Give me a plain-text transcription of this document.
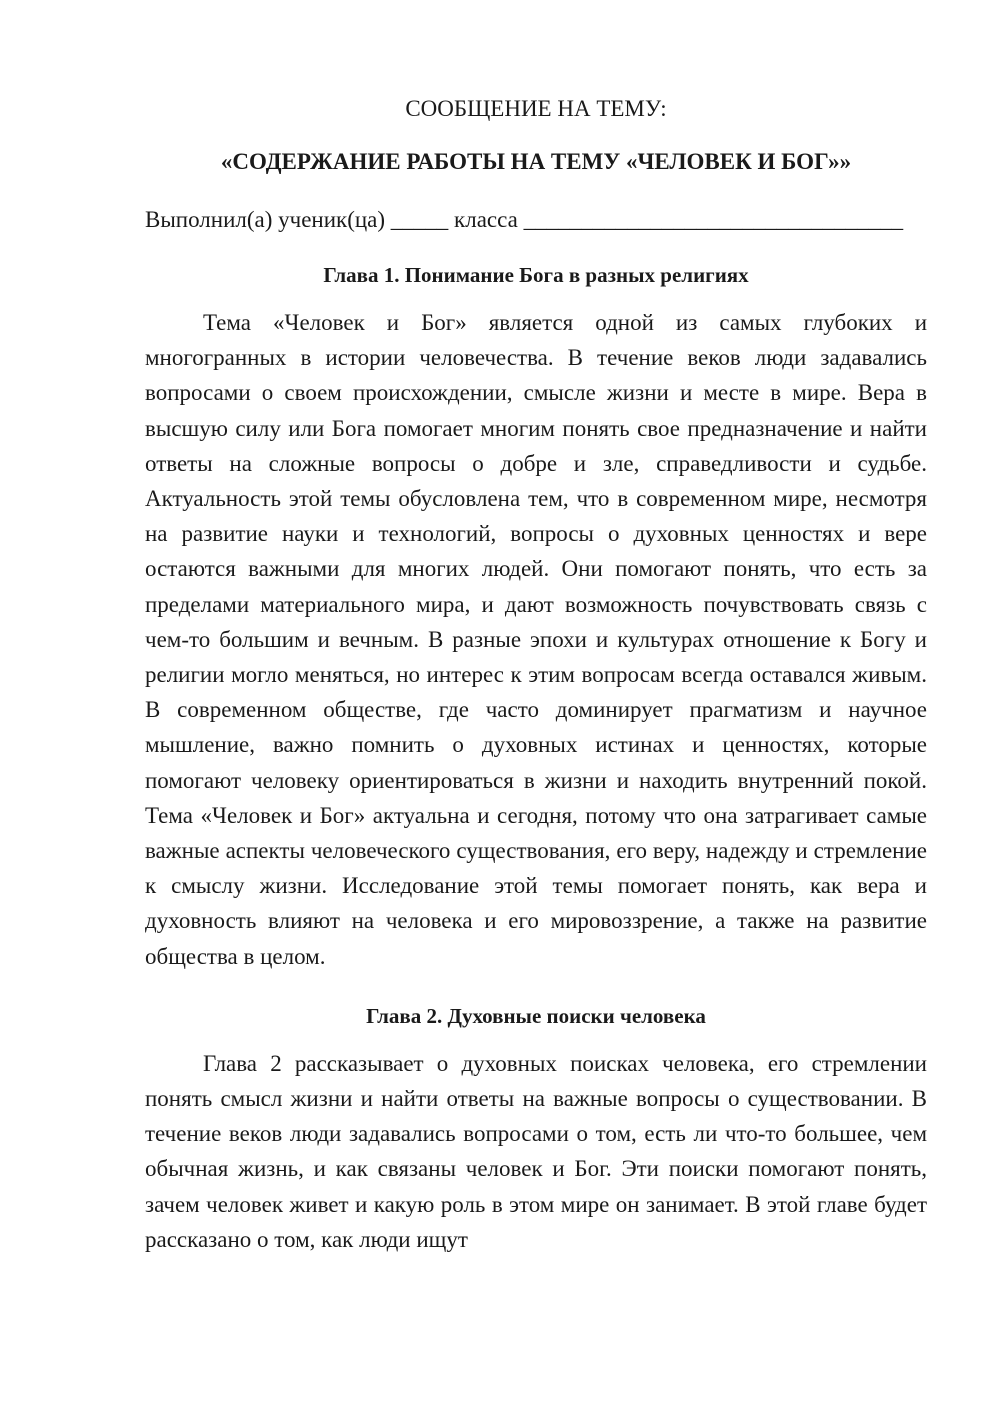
СООБЩЕНИЕ НА ТЕМУ:
«СОДЕРЖАНИЕ РАБОТЫ НА ТЕМУ «ЧЕЛОВЕК И БОГ»»

Выполнил(а) ученик(ца) _____ класса _________________________________

Глава 1. Понимание Бога в разных религиях

Тема «Человек и Бог» является одной из самых глубоких и многогранных в истории человечества. В течение веков люди задавались вопросами о своем происхождении, смысле жизни и месте в мире. Вера в высшую силу или Бога помогает многим понять свое предназначение и найти ответы на сложные вопросы о добре и зле, справедливости и судьбе. Актуальность этой темы обусловлена тем, что в современном мире, несмотря на развитие науки и технологий, вопросы о духовных ценностях и вере остаются важными для многих людей. Они помогают понять, что есть за пределами материального мира, и дают возможность почувствовать связь с чем-то большим и вечным. В разные эпохи и культурах отношение к Богу и религии могло меняться, но интерес к этим вопросам всегда оставался живым. В современном обществе, где часто доминирует прагматизм и научное мышление, важно помнить о духовных истинах и ценностях, которые помогают человеку ориентироваться в жизни и находить внутренний покой. Тема «Человек и Бог» актуальна и сегодня, потому что она затрагивает самые важные аспекты человеческого существования, его веру, надежду и стремление к смыслу жизни. Исследование этой темы помогает понять, как вера и духовность влияют на человека и его мировоззрение, а также на развитие общества в целом.

Глава 2. Духовные поиски человека

Глава 2 рассказывает о духовных поисках человека, его стремлении понять смысл жизни и найти ответы на важные вопросы о существовании. В течение веков люди задавались вопросами о том, есть ли что-то большее, чем обычная жизнь, и как связаны человек и Бог. Эти поиски помогают понять, зачем человек живет и какую роль в этом мире он занимает. В этой главе будет рассказано о том, как люди ищут
